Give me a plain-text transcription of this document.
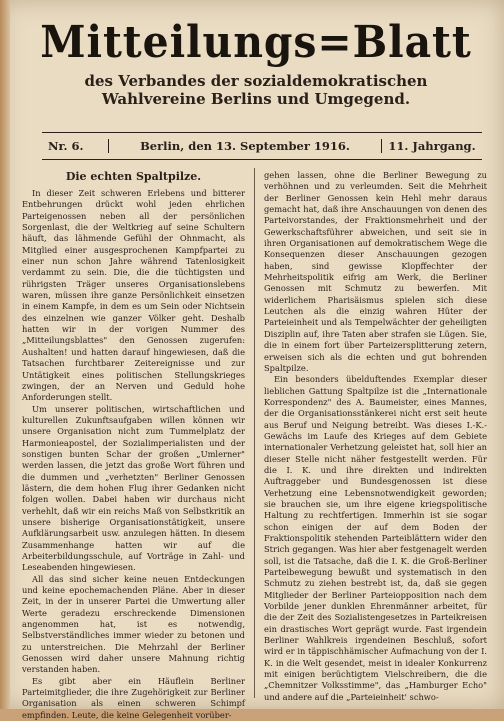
Mitteilungs=Blatt
des Verbandes der sozialdemokratischen
Wahlvereine Berlins und Umgegend.
Nr. 6.	Berlin, den 13. September 1916.	11. Jahrgang.
Die echten Spaltpilze.

In dieser Zeit schweren Erlebens und bitterer Entbehrungen drückt wohl jeden ehrlichen Parteigenossen neben all der persönlichen Sorgenlast, die der Weltkrieg auf seine Schultern häuft, das lähmende Gefühl der Ohnmacht, als Mitglied einer ausgesprochenen Kampfpartei zu einer nun schon Jahre während Tatenlosigkeit verdammt zu sein. Die, die die tüchtigsten und rührigsten Träger unseres Organisationslebens waren, müssen ihre ganze Persönlichkeit einsetzen in einem Kampfe, in dem es um Sein oder Nichtsein des einzelnen wie ganzer Völker geht. Deshalb hatten wir in der vorigen Nummer des „Mitteilungsblattes" den Genossen zugerufen: Aushalten! und hatten darauf hingewiesen, daß die Tatsachen furchtbarer Zeitereignisse und zur Untätigkeit eines politischen Stellungskrieges zwingen, der an Nerven und Geduld hohe Anforderungen stellt.

Um unserer politischen, wirtschaftlichen und kulturellen Zukunftsaufgaben willen können wir unsere Organisation nicht zum Tummelplatz der Harmonieapostel, der Sozialimperialisten und der sonstigen bunten Schar der großen „Umlerner" werden lassen, die jetzt das große Wort führen und die dummen und „verhetzten" Berliner Genossen lästern, die dem hohen Flug ihrer Gedanken nicht folgen wollen. Dabei haben wir durchaus nicht verhehlt, daß wir ein reichs Maß von Selbstkritik an unsere bisherige Organisationstätigkeit, unsere Aufklärungsarbeit usw. anzulegen hätten. In diesem Zusammenhange hatten wir auf die Arbeiterbildungsschule, auf Vorträge in Zahl- und Leseabenden hingewiesen.

All das sind sicher keine neuen Entdeckungen und keine epochemachenden Pläne. Aber in dieser Zeit, in der in unserer Partei die Umwertung aller Werte geradezu erschreckende Dimensionen angenommen hat, ist es notwendig, Selbstverständliches immer wieder zu betonen und zu unterstreichen. Die Mehrzahl der Berliner Genossen wird daher unsere Mahnung richtig verstanden haben.

Es gibt aber ein Häuflein Berliner Parteimitglieder, die ihre Zugehörigkeit zur Berliner Organisation als einen schweren Schimpf empfinden. Leute, die keine Gelegenheit vorüber-

gehen lassen, ohne die Berliner Bewegung zu verhöhnen und zu verleumden. Seit die Mehrheit der Berliner Genossen kein Hehl mehr daraus gemacht hat, daß ihre Anschauungen von denen des Parteivorstandes, der Fraktionsmehrheit und der Gewerkschaftsführer abweichen, und seit sie in ihren Organisationen auf demokratischem Wege die Konsequenzen dieser Anschauungen gezogen haben, sind gewisse Klopffechter der Mehrheitspolitik eifrig am Werk, die Berliner Genossen mit Schmutz zu bewerfen. Mit widerlichem Pharisäismus spielen sich diese Leutchen als die einzig wahren Hüter der Parteieinheit und als Tempelwächter der geheiligten Disziplin auf, ihre Taten aber strafen sie Lügen. Sie, die in einem fort über Parteizersplitterung zetern, erweisen sich als die echten und gut bohrenden Spaltpilze.

Ein besonders übelduftendes Exemplar dieser lieblichen Gattung Spaltpilze ist die „Internationale Korrespondenz" des A. Baumeister, eines Mannes, der die Organisationsstänkerei nicht erst seit heute aus Beruf und Neigung betreibt. Was dieses I.-K.-Gewächs im Laufe des Krieges auf dem Gebiete internationaler Verhetzung geleistet hat, soll hier an dieser Stelle nicht näher festgestellt werden. Für die I. K. und ihre direkten und indirekten Auftraggeber und Bundesgenossen ist diese Verhetzung eine Lebensnotwendigkeit geworden; sie brauchen sie, um ihre eigene kriegspolitische Haltung zu rechtfertigen. Immerhin ist sie sogar schon einigen der auf dem Boden der Fraktionspolitik stehenden Parteiblättern wider den Strich gegangen. Was hier aber festgenagelt werden soll, ist die Tatsache, daß die I. K. die Groß-Berliner Parteibewegung bewußt und systematisch in den Schmutz zu ziehen bestrebt ist, da, daß sie gegen Mitglieder der Berliner Parteiopposition nach dem Vorbilde jener dunklen Ehrenmänner arbeitet, für die der Zeit des Sozialistengesetzes in Parteikreisen ein drastisches Wort geprägt wurde. Fast irgendein Berliner Wahlkreis irgendeinen Beschluß, sofort wird er in täppischhämischer Aufmachung von der I. K. in die Welt gesendet, meist in idealer Konkurrenz mit einigen berüchtigtem Vielschreibern, die die „Chemnitzer Volksstimme", das „Hamburger Echo" und andere auf die „Parteieinheit' schwo-
